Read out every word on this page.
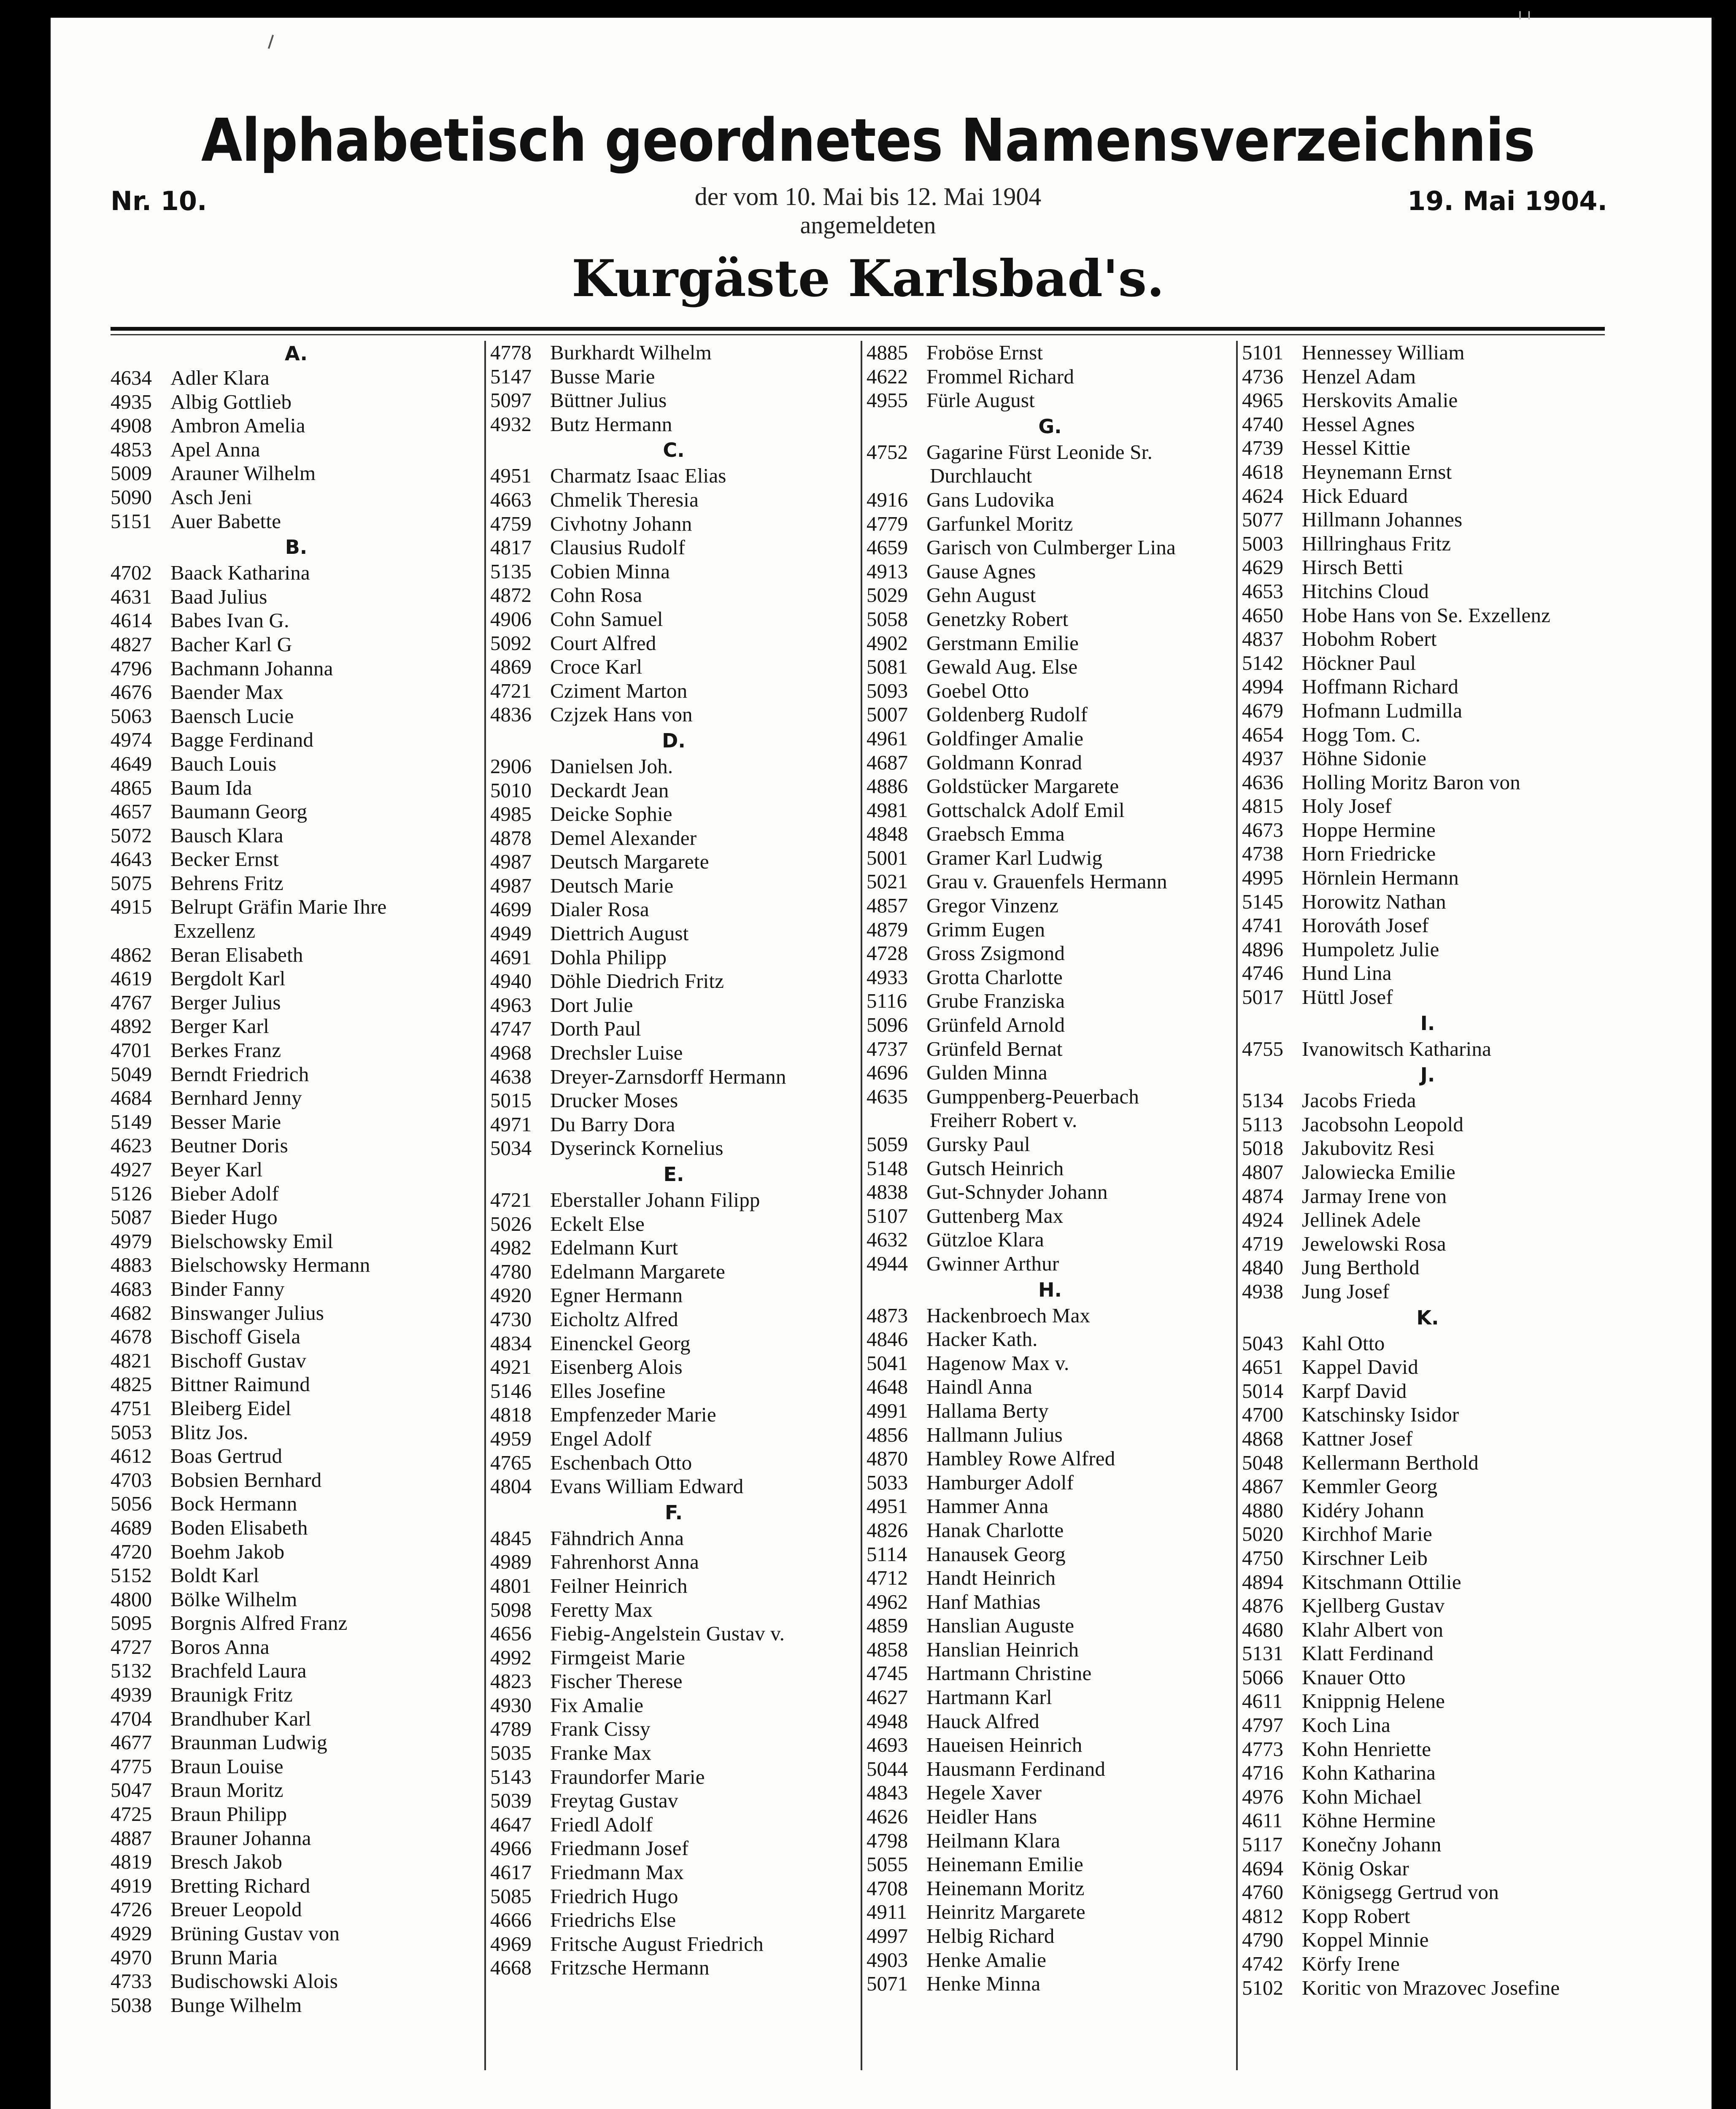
ı ı
Alphabetisch geordnetes Namensverzeichnis
Nr. 10.	der vom 10. Mai bis 12. Mai 1904
angemeldeten
19. Mai 1904.
Kurgäste Karlsbad's.
A.
4634 Adler Klara
4935 Albig Gottlieb
4908 Ambron Amelia
4853 Apel Anna
5009 Arauner Wilhelm
5090 Asch Jeni
5151 Auer Babette
B.
4702 Baack Katharina
4631 Baad Julius
4614 Babes Ivan G.
4827 Bacher Karl G
4796 Bachmann Johanna
4676 Baender Max
5063 Baensch Lucie
4974 Bagge Ferdinand
4649 Bauch Louis
4865 Baum Ida
4657 Baumann Georg
5072 Bausch Klara
4643 Becker Ernst
5075 Behrens Fritz
4915 Belrupt Gräfin Marie Ihre
Exzellenz
4862 Beran Elisabeth
4619 Bergdolt Karl
4767 Berger Julius
4892 Berger Karl
4701 Berkes Franz
5049 Berndt Friedrich
4684 Bernhard Jenny
5149 Besser Marie
4623 Beutner Doris
4927 Beyer Karl
5126 Bieber Adolf
5087 Bieder Hugo
4979 Bielschowsky Emil
4883 Bielschowsky Hermann
4683 Binder Fanny
4682 Binswanger Julius
4678 Bischoff Gisela
4821 Bischoff Gustav
4825 Bittner Raimund
4751 Bleiberg Eidel
5053 Blitz Jos.
4612 Boas Gertrud
4703 Bobsien Bernhard
5056 Bock Hermann
4689 Boden Elisabeth
4720 Boehm Jakob
5152 Boldt Karl
4800 Bölke Wilhelm
5095 Borgnis Alfred Franz
4727 Boros Anna
5132 Brachfeld Laura
4939 Braunigk Fritz
4704 Brandhuber Karl
4677 Braunman Ludwig
4775 Braun Louise
5047 Braun Moritz
4725 Braun Philipp
4887 Brauner Johanna
4819 Bresch Jakob
4919 Bretting Richard
4726 Breuer Leopold
4929 Brüning Gustav von
4970 Brunn Maria
4733 Budischowski Alois
5038 Bunge Wilhelm
4778 Burkhardt Wilhelm
5147 Busse Marie
5097 Büttner Julius
4932 Butz Hermann
C.
4951 Charmatz Isaac Elias
4663 Chmelik Theresia
4759 Civhotny Johann
4817 Clausius Rudolf
5135 Cobien Minna
4872 Cohn Rosa
4906 Cohn Samuel
5092 Court Alfred
4869 Croce Karl
4721 Cziment Marton
4836 Czjzek Hans von
D.
2906 Danielsen Joh.
5010 Deckardt Jean
4985 Deicke Sophie
4878 Demel Alexander
4987 Deutsch Margarete
4987 Deutsch Marie
4699 Dialer Rosa
4949 Diettrich August
4691 Dohla Philipp
4940 Döhle Diedrich Fritz
4963 Dort Julie
4747 Dorth Paul
4968 Drechsler Luise
4638 Dreyer-Zarnsdorff Hermann
5015 Drucker Moses
4971 Du Barry Dora
5034 Dyserinck Kornelius
E.
4721 Eberstaller Johann Filipp
5026 Eckelt Else
4982 Edelmann Kurt
4780 Edelmann Margarete
4920 Egner Hermann
4730 Eicholtz Alfred
4834 Einenckel Georg
4921 Eisenberg Alois
5146 Elles Josefine
4818 Empfenzeder Marie
4959 Engel Adolf
4765 Eschenbach Otto
4804 Evans William Edward
F.
4845 Fähndrich Anna
4989 Fahrenhorst Anna
4801 Feilner Heinrich
5098 Feretty Max
4656 Fiebig-Angelstein Gustav v.
4992 Firmgeist Marie
4823 Fischer Therese
4930 Fix Amalie
4789 Frank Cissy
5035 Franke Max
5143 Fraundorfer Marie
5039 Freytag Gustav
4647 Friedl Adolf
4966 Friedmann Josef
4617 Friedmann Max
5085 Friedrich Hugo
4666 Friedrichs Else
4969 Fritsche August Friedrich
4668 Fritzsche Hermann
4885 Froböse Ernst
4622 Frommel Richard
4955 Fürle August
G.
4752 Gagarine Fürst Leonide Sr.
Durchlaucht
4916 Gans Ludovika
4779 Garfunkel Moritz
4659 Garisch von Culmberger Lina
4913 Gause Agnes
5029 Gehn August
5058 Genetzky Robert
4902 Gerstmann Emilie
5081 Gewald Aug. Else
5093 Goebel Otto
5007 Goldenberg Rudolf
4961 Goldfinger Amalie
4687 Goldmann Konrad
4886 Goldstücker Margarete
4981 Gottschalck Adolf Emil
4848 Graebsch Emma
5001 Gramer Karl Ludwig
5021 Grau v. Grauenfels Hermann
4857 Gregor Vinzenz
4879 Grimm Eugen
4728 Gross Zsigmond
4933 Grotta Charlotte
5116 Grube Franziska
5096 Grünfeld Arnold
4737 Grünfeld Bernat
4696 Gulden Minna
4635 Gumppenberg-Peuerbach
Freiherr Robert v.
5059 Gursky Paul
5148 Gutsch Heinrich
4838 Gut-Schnyder Johann
5107 Guttenberg Max
4632 Gützloe Klara
4944 Gwinner Arthur
H.
4873 Hackenbroech Max
4846 Hacker Kath.
5041 Hagenow Max v.
4648 Haindl Anna
4991 Hallama Berty
4856 Hallmann Julius
4870 Hambley Rowe Alfred
5033 Hamburger Adolf
4951 Hammer Anna
4826 Hanak Charlotte
5114 Hanausek Georg
4712 Handt Heinrich
4962 Hanf Mathias
4859 Hanslian Auguste
4858 Hanslian Heinrich
4745 Hartmann Christine
4627 Hartmann Karl
4948 Hauck Alfred
4693 Haueisen Heinrich
5044 Hausmann Ferdinand
4843 Hegele Xaver
4626 Heidler Hans
4798 Heilmann Klara
5055 Heinemann Emilie
4708 Heinemann Moritz
4911 Heinritz Margarete
4997 Helbig Richard
4903 Henke Amalie
5071 Henke Minna
5101 Hennessey William
4736 Henzel Adam
4965 Herskovits Amalie
4740 Hessel Agnes
4739 Hessel Kittie
4618 Heynemann Ernst
4624 Hick Eduard
5077 Hillmann Johannes
5003 Hillringhaus Fritz
4629 Hirsch Betti
4653 Hitchins Cloud
4650 Hobe Hans von Se. Exzellenz
4837 Hobohm Robert
5142 Höckner Paul
4994 Hoffmann Richard
4679 Hofmann Ludmilla
4654 Hogg Tom. C.
4937 Höhne Sidonie
4636 Holling Moritz Baron von
4815 Holy Josef
4673 Hoppe Hermine
4738 Horn Friedricke
4995 Hörnlein Hermann
5145 Horowitz Nathan
4741 Horováth Josef
4896 Humpoletz Julie
4746 Hund Lina
5017 Hüttl Josef
I.
4755 Ivanowitsch Katharina
J.
5134 Jacobs Frieda
5113 Jacobsohn Leopold
5018 Jakubovitz Resi
4807 Jalowiecka Emilie
4874 Jarmay Irene von
4924 Jellinek Adele
4719 Jewelowski Rosa
4840 Jung Berthold
4938 Jung Josef
K.
5043 Kahl Otto
4651 Kappel David
5014 Karpf David
4700 Katschinsky Isidor
4868 Kattner Josef
5048 Kellermann Berthold
4867 Kemmler Georg
4880 Kidéry Johann
5020 Kirchhof Marie
4750 Kirschner Leib
4894 Kitschmann Ottilie
4876 Kjellberg Gustav
4680 Klahr Albert von
5131 Klatt Ferdinand
5066 Knauer Otto
4611 Knippnig Helene
4797 Koch Lina
4773 Kohn Henriette
4716 Kohn Katharina
4976 Kohn Michael
4611 Köhne Hermine
5117 Konečny Johann
4694 König Oskar
4760 Königsegg Gertrud von
4812 Kopp Robert
4790 Koppel Minnie
4742 Körfy Irene
5102 Koritic von Mrazovec Josefine
